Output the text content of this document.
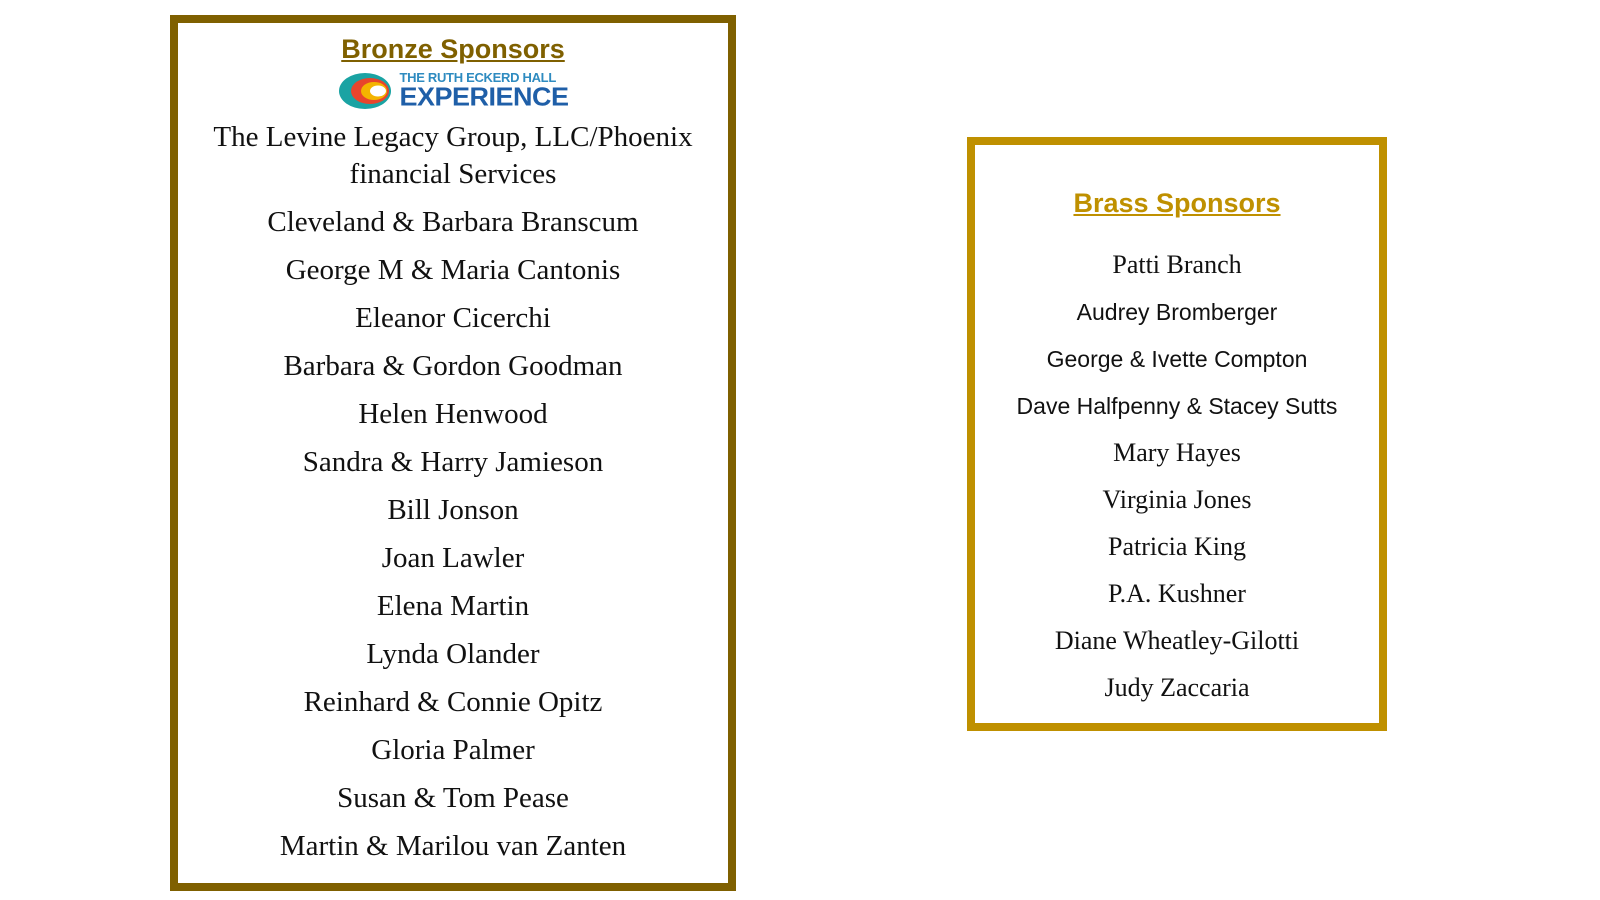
Bronze Sponsors
THE RUTH ECKERD HALL
EXPERIENCE
The Levine Legacy Group, LLC/Phoenix financial Services
Cleveland & Barbara Branscum
George M & Maria Cantonis
Eleanor Cicerchi
Barbara & Gordon Goodman
Helen Henwood
Sandra & Harry Jamieson
Bill Jonson
Joan Lawler
Elena Martin
Lynda Olander
Reinhard & Connie Opitz
Gloria Palmer
Susan & Tom Pease
Martin & Marilou van Zanten
Brass Sponsors
Patti Branch
Audrey Bromberger
George & Ivette Compton
Dave Halfpenny & Stacey Sutts
Mary Hayes
Virginia Jones
Patricia King
P.A. Kushner
Diane Wheatley-Gilotti
Judy Zaccaria
